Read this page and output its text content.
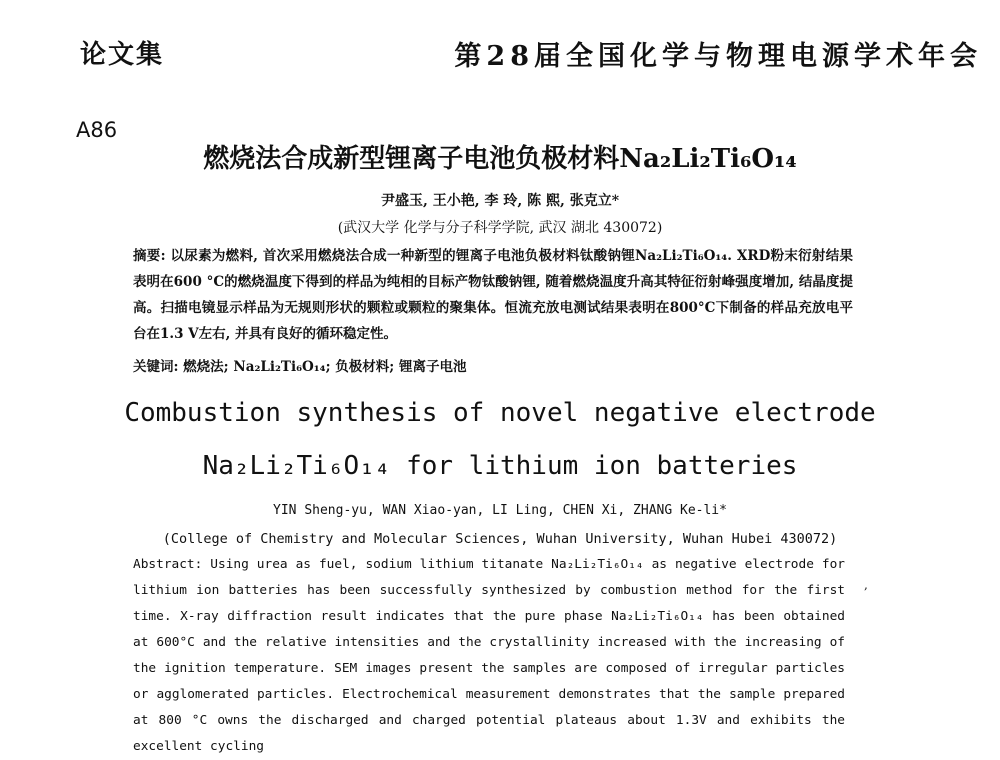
论文集	第28届全国化学与物理电源学术年会
A86
燃烧法合成新型锂离子电池负极材料Na₂Li₂Ti₆O₁₄
尹盛玉, 王小艳, 李 玲, 陈 熙, 张克立*
(武汉大学 化学与分子科学学院, 武汉 湖北 430072)
摘要: 以尿素为燃料, 首次采用燃烧法合成一种新型的锂离子电池负极材料钛酸钠锂Na₂Li₂Ti₆O₁₄. XRD粉末衍射结果表明在600 °C的燃烧温度下得到的样品为纯相的目标产物钛酸钠锂, 随着燃烧温度升高其特征衍射峰强度增加, 结晶度提高。扫描电镜显示样品为无规则形状的颗粒或颗粒的聚集体。恒流充放电测试结果表明在800°C下制备的样品充放电平台在1.3 V左右, 并具有良好的循环稳定性。
关键词: 燃烧法; Na₂Li₂Ti₆O₁₄; 负极材料; 锂离子电池
Combustion synthesis of novel negative electrode
Na₂Li₂Ti₆O₁₄ for lithium ion batteries
YIN Sheng-yu, WAN Xiao-yan, LI Ling, CHEN Xi, ZHANG Ke-li*
(College of Chemistry and Molecular Sciences, Wuhan University, Wuhan Hubei 430072)
Abstract: Using urea as fuel, sodium lithium titanate Na₂Li₂Ti₆O₁₄ as negative electrode for lithium ion batteries has been successfully synthesized by combustion method for the first time. X-ray diffraction result indicates that the pure phase Na₂Li₂Ti₆O₁₄ has been obtained at 600°C and the relative intensities and the crystallinity increased with the increasing of the ignition temperature. SEM images present the samples are composed of irregular particles or agglomerated particles. Electrochemical measurement demonstrates that the sample prepared at 800 °C owns the discharged and charged potential plateaus about 1.3V and exhibits the excellent cycling
,
